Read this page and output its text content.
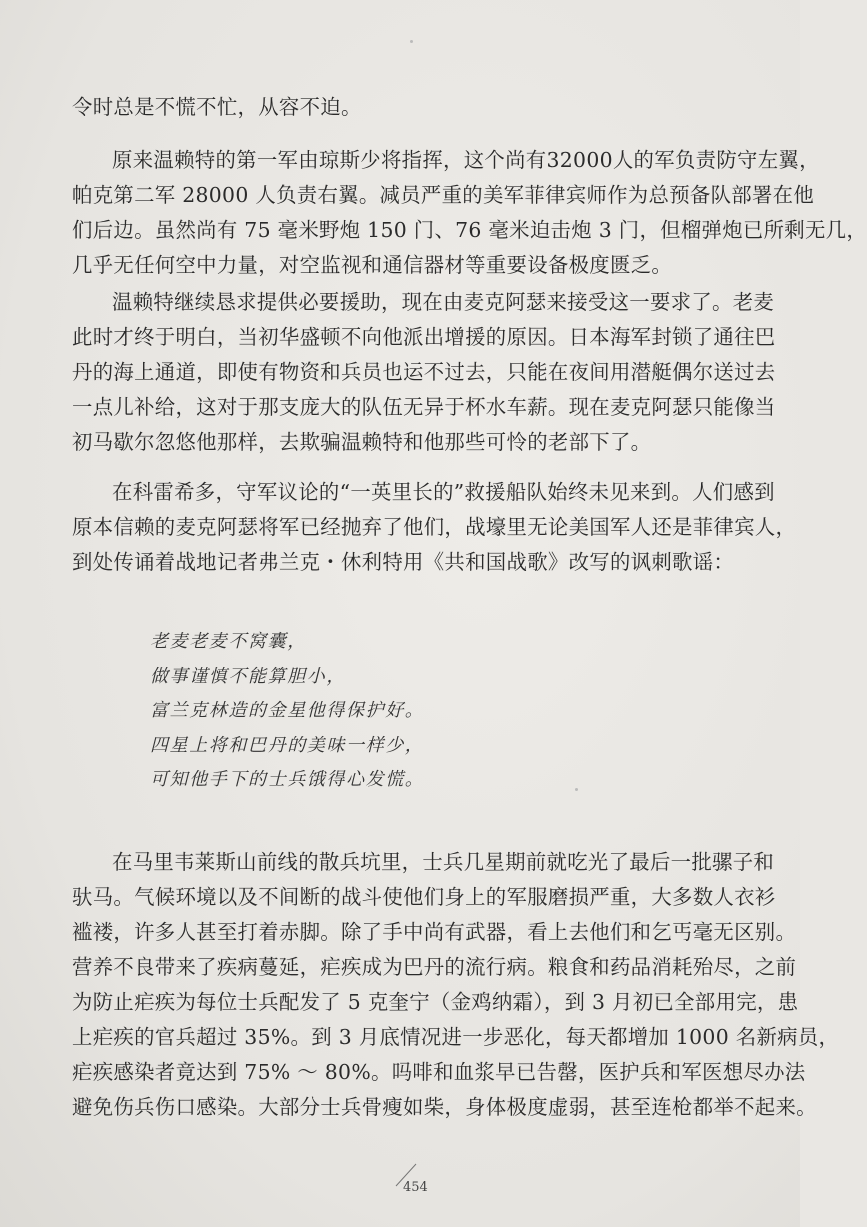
令时总是不慌不忙，从容不迫。
原来温赖特的第一军由琼斯少将指挥，这个尚有32000人的军负责防守左翼，
帕克第二军 28000 人负责右翼。减员严重的美军菲律宾师作为总预备队部署在他
们后边。虽然尚有 75 毫米野炮 150 门、76 毫米迫击炮 3 门，但榴弹炮已所剩无几，
几乎无任何空中力量，对空监视和通信器材等重要设备极度匮乏。
温赖特继续恳求提供必要援助，现在由麦克阿瑟来接受这一要求了。老麦
此时才终于明白，当初华盛顿不向他派出增援的原因。日本海军封锁了通往巴
丹的海上通道，即使有物资和兵员也运不过去，只能在夜间用潜艇偶尔送过去
一点儿补给，这对于那支庞大的队伍无异于杯水车薪。现在麦克阿瑟只能像当
初马歇尔忽悠他那样，去欺骗温赖特和他那些可怜的老部下了。
在科雷希多，守军议论的“一英里长的”救援船队始终未见来到。人们感到
原本信赖的麦克阿瑟将军已经抛弃了他们，战壕里无论美国军人还是菲律宾人，
到处传诵着战地记者弗兰克・休利特用《共和国战歌》改写的讽刺歌谣：
老麦老麦不窝囊，
做事谨慎不能算胆小，
富兰克林造的金星他得保护好。
四星上将和巴丹的美味一样少，
可知他手下的士兵饿得心发慌。
在马里韦莱斯山前线的散兵坑里，士兵几星期前就吃光了最后一批骡子和
驮马。气候环境以及不间断的战斗使他们身上的军服磨损严重，大多数人衣衫
褴褛，许多人甚至打着赤脚。除了手中尚有武器，看上去他们和乞丐毫无区别。
营养不良带来了疾病蔓延，疟疾成为巴丹的流行病。粮食和药品消耗殆尽，之前
为防止疟疾为每位士兵配发了 5 克奎宁（金鸡纳霜），到 3 月初已全部用完，患
上疟疾的官兵超过 35%。到 3 月底情况进一步恶化，每天都增加 1000 名新病员，
疟疾感染者竟达到 75% ～ 80%。吗啡和血浆早已告罄，医护兵和军医想尽办法
避免伤兵伤口感染。大部分士兵骨瘦如柴，身体极度虚弱，甚至连枪都举不起来。
454
